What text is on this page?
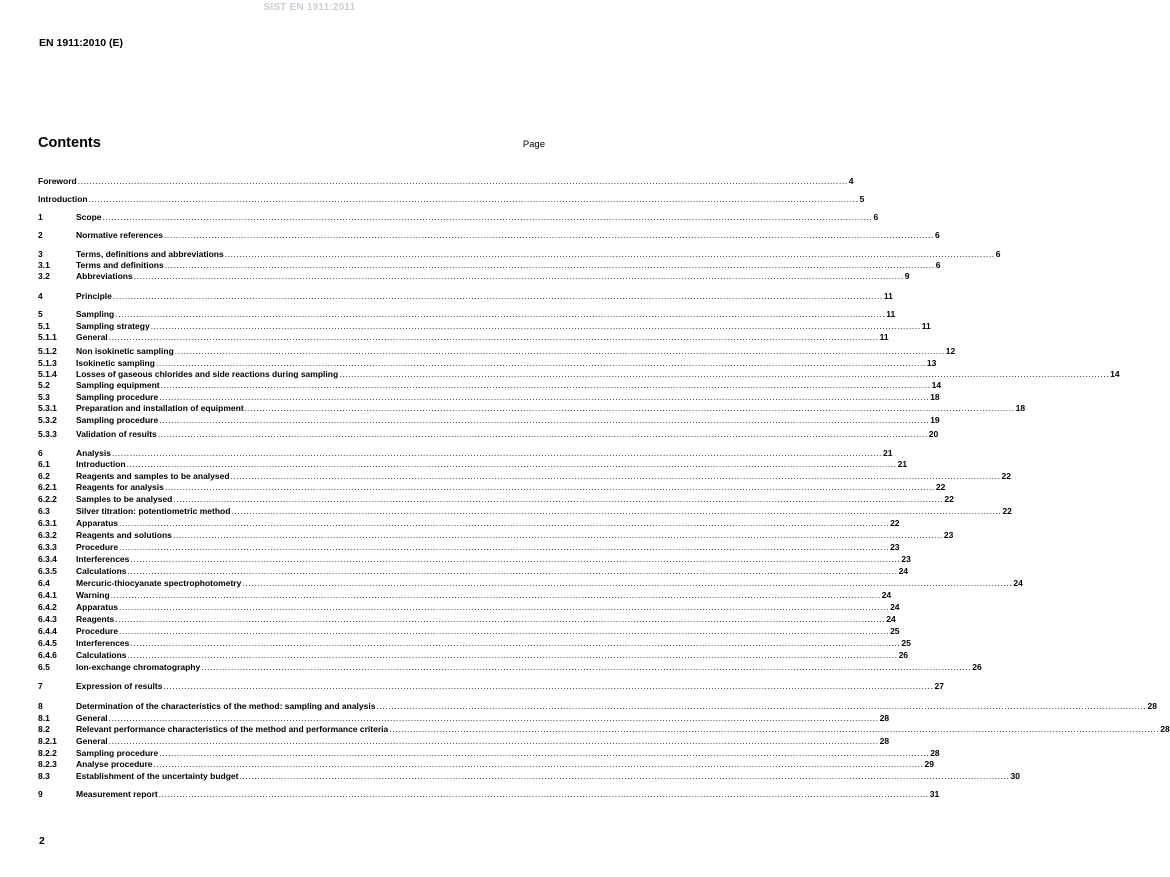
SIST EN 1911:2011
EN 1911:2010 (E)
Contents	Page
Foreword .................................................................................................................................................................................................................................................................... 4
Introduction .................................................................................................................................................................................................................................................................... 5
1	Scope .................................................................................................................................................................................................................................................................... 6
2	Normative references .................................................................................................................................................................................................................................................................... 6
3	Terms, definitions and abbreviations .................................................................................................................................................................................................................................................................... 6
3.1	Terms and definitions .................................................................................................................................................................................................................................................................... 6
3.2	Abbreviations .................................................................................................................................................................................................................................................................... 9
4	Principle .................................................................................................................................................................................................................................................................... 11
5	Sampling .................................................................................................................................................................................................................................................................... 11
5.1	Sampling strategy .................................................................................................................................................................................................................................................................... 11
5.1.1	General .................................................................................................................................................................................................................................................................... 11
5.1.2	Non isokinetic sampling .................................................................................................................................................................................................................................................................... 12
5.1.3	Isokinetic sampling .................................................................................................................................................................................................................................................................... 13
5.1.4	Losses of gaseous chlorides and side reactions during sampling .................................................................................................................................................................................................................................................................... 14
5.2	Sampling equipment .................................................................................................................................................................................................................................................................... 14
5.3	Sampling procedure .................................................................................................................................................................................................................................................................... 18
5.3.1	Preparation and installation of equipment .................................................................................................................................................................................................................................................................... 18
5.3.2	Sampling procedure .................................................................................................................................................................................................................................................................... 19
5.3.3	Validation of results .................................................................................................................................................................................................................................................................... 20
6	Analysis .................................................................................................................................................................................................................................................................... 21
6.1	Introduction .................................................................................................................................................................................................................................................................... 21
6.2	Reagents and samples to be analysed .................................................................................................................................................................................................................................................................... 22
6.2.1	Reagents for analysis .................................................................................................................................................................................................................................................................... 22
6.2.2	Samples to be analysed .................................................................................................................................................................................................................................................................... 22
6.3	Silver titration: potentiometric method .................................................................................................................................................................................................................................................................... 22
6.3.1	Apparatus .................................................................................................................................................................................................................................................................... 22
6.3.2	Reagents and solutions .................................................................................................................................................................................................................................................................... 23
6.3.3	Procedure .................................................................................................................................................................................................................................................................... 23
6.3.4	Interferences .................................................................................................................................................................................................................................................................... 23
6.3.5	Calculations .................................................................................................................................................................................................................................................................... 24
6.4	Mercuric-thiocyanate spectrophotometry .................................................................................................................................................................................................................................................................... 24
6.4.1	Warning .................................................................................................................................................................................................................................................................... 24
6.4.2	Apparatus .................................................................................................................................................................................................................................................................... 24
6.4.3	Reagents .................................................................................................................................................................................................................................................................... 24
6.4.4	Procedure .................................................................................................................................................................................................................................................................... 25
6.4.5	Interferences .................................................................................................................................................................................................................................................................... 25
6.4.6	Calculations .................................................................................................................................................................................................................................................................... 26
6.5	Ion-exchange chromatography .................................................................................................................................................................................................................................................................... 26
7	Expression of results .................................................................................................................................................................................................................................................................... 27
8	Determination of the characteristics of the method: sampling and analysis .................................................................................................................................................................................................................................................................... 28
8.1	General .................................................................................................................................................................................................................................................................... 28
8.2	Relevant performance characteristics of the method and performance criteria .................................................................................................................................................................................................................................................................... 28
8.2.1	General .................................................................................................................................................................................................................................................................... 28
8.2.2	Sampling procedure .................................................................................................................................................................................................................................................................... 28
8.2.3	Analyse procedure .................................................................................................................................................................................................................................................................... 29
8.3	Establishment of the uncertainty budget .................................................................................................................................................................................................................................................................... 30
9	Measurement report .................................................................................................................................................................................................................................................................... 31
2
